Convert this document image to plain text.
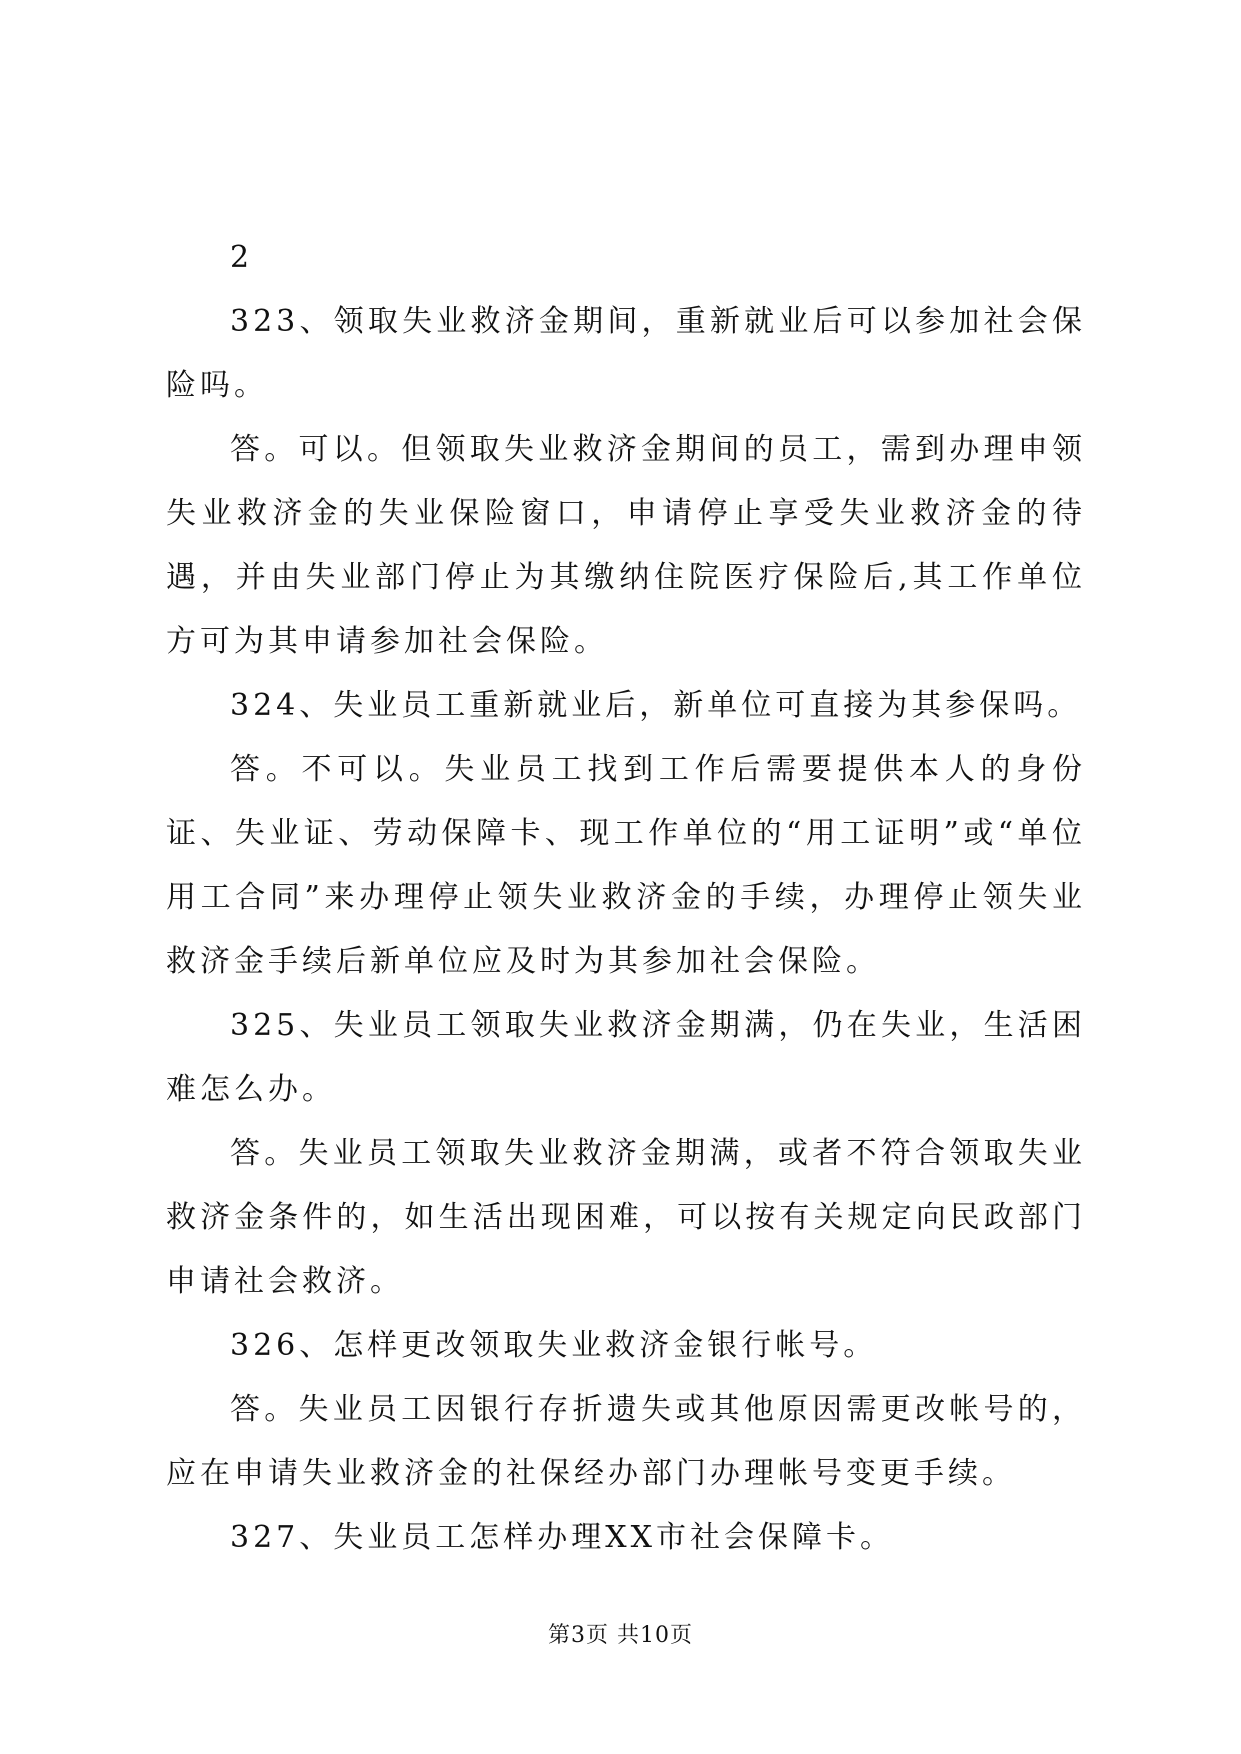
2

323、领取失业救济金期间，重新就业后可以参加社会保险吗。

答。可以。但领取失业救济金期间的员工，需到办理申领失业救济金的失业保险窗口，申请停止享受失业救济金的待遇，并由失业部门停止为其缴纳住院医疗保险后,其工作单位方可为其申请参加社会保险。

324、失业员工重新就业后，新单位可直接为其参保吗。

答。不可以。失业员工找到工作后需要提供本人的身份证、失业证、劳动保障卡、现工作单位的“用工证明”或“单位用工合同”来办理停止领失业救济金的手续，办理停止领失业救济金手续后新单位应及时为其参加社会保险。

325、失业员工领取失业救济金期满，仍在失业，生活困难怎么办。

答。失业员工领取失业救济金期满，或者不符合领取失业救济金条件的，如生活出现困难，可以按有关规定向民政部门申请社会救济。

326、怎样更改领取失业救济金银行帐号。

答。失业员工因银行存折遗失或其他原因需更改帐号的，应在申请失业救济金的社保经办部门办理帐号变更手续。

327、失业员工怎样办理XX市社会保障卡。

第3页 共10页
